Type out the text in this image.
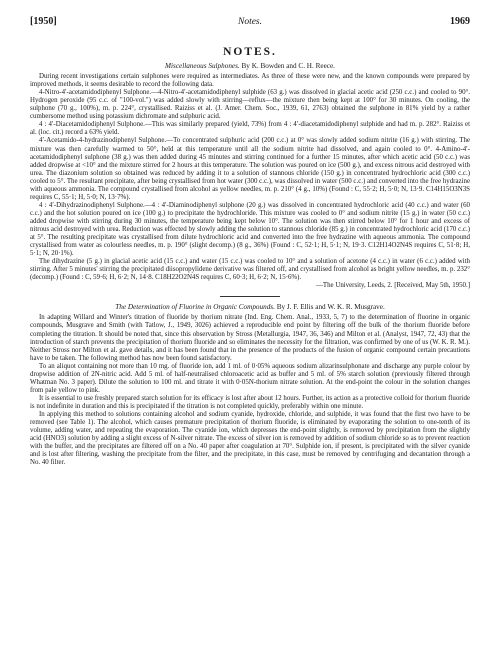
[1950]	Notes.	1969
NOTES.
Miscellaneous Sulphones. By K. Bowden and C. H. Reece.

During recent investigations certain sulphones were required as intermediates. As three of these were new, and the known compounds were prepared by improved methods, it seems desirable to record the following data.

4-Nitro-4′-acetamidodiphenyl Sulphone.—4-Nitro-4′-acetamidodiphenyl sulphide (63 g.) was dissolved in glacial acetic acid (250 c.c.) and cooled to 90°. Hydrogen peroxide (95 c.c. of "100-vol.") was added slowly with stirring—reflux—the mixture then being kept at 100° for 30 minutes. On cooling, the sulphone (70 g., 100%), m. p. 224°, crystallised. Raiziss et al. (J. Amer. Chem. Soc., 1939, 61, 2763) obtained the sulphone in 81% yield by a rather cumbersome method using potassium dichromate and sulphuric acid.

4 : 4′-Diacetamidodiphenyl Sulphone.—This was similarly prepared (yield, 73%) from 4 : 4′-diacetamidodiphenyl sulphide and had m. p. 282°. Raiziss et al. (loc. cit.) record a 63% yield.

4′-Acetamido-4-hydrazinodiphenyl Sulphone.—To concentrated sulphuric acid (200 c.c.) at 0° was slowly added sodium nitrite (16 g.) with stirring. The mixture was then carefully warmed to 50°, held at this temperature until all the sodium nitrite had dissolved, and again cooled to 0°. 4-Amino-4′-acetamidodiphenyl sulphone (38 g.) was then added during 45 minutes and stirring continued for a further 15 minutes, after which acetic acid (50 c.c.) was added dropwise at <10° and the mixture stirred for 2 hours at this temperature. The solution was poured on ice (500 g.), and excess nitrous acid destroyed with urea. The diazonium solution so obtained was reduced by adding it to a solution of stannous chloride (150 g.) in concentrated hydrochloric acid (300 c.c.) cooled to 5°. The resultant precipitate, after being crystallised from hot water (300 c.c.), was dissolved in water (500 c.c.) and converted into the free hydrazine with aqueous ammonia. The compound crystallised from alcohol as yellow needles, m. p. 210° (4 g., 10%) (Found : C, 55·2; H, 5·0; N, 13·9. C14H15O3N3S requires C, 55·1; H, 5·0; N, 13·7%).

4 : 4′-Dihydrazinodiphenyl Sulphone.—4 : 4′-Diaminodiphenyl sulphone (20 g.) was dissolved in concentrated hydrochloric acid (40 c.c.) and water (60 c.c.) and the hot solution poured on ice (100 g.) to precipitate the hydrochloride. This mixture was cooled to 0° and sodium nitrite (15 g.) in water (50 c.c.) added dropwise with stirring during 30 minutes, the temperature being kept below 10°. The solution was then stirred below 10° for 1 hour and excess of nitrous acid destroyed with urea. Reduction was effected by slowly adding the solution to stannous chloride (85 g.) in concentrated hydrochloric acid (170 c.c.) at 5°. The resulting precipitate was crystallised from dilute hydrochloric acid and converted into the free hydrazine with aqueous ammonia. The compound crystallised from water as colourless needles, m. p. 190° (slight decomp.) (8 g., 36%) (Found : C, 52·1; H, 5·1; N, 19·3. C12H14O2N4S requires C, 51·8; H, 5·1; N, 20·1%).

The dihydrazine (5 g.) in glacial acetic acid (15 c.c.) and water (15 c.c.) was cooled to 10° and a solution of acetone (4 c.c.) in water (6 c.c.) added with stirring. After 5 minutes' stirring the precipitated diisopropylidene derivative was filtered off, and crystallised from alcohol as bright yellow needles, m. p. 232° (decomp.) (Found : C, 59·6; H, 6·2; N, 14·8. C18H22O2N4S requires C, 60·3; H, 6·2; N, 15·6%).

—The University, Leeds, 2. [Received, May 5th, 1950.]
The Determination of Fluorine in Organic Compounds. By J. F. Ellis and W. K. R. Musgrave.

In adapting Willard and Winter's titration of fluoride by thorium nitrate (Ind. Eng. Chem. Anal., 1933, 5, 7) to the determination of fluorine in organic compounds, Musgrave and Smith (with Tatlow, J., 1949, 3026) achieved a reproducible end point by filtering off the bulk of the thorium fluoride before completing the titration. It should be noted that, since this observation by Stross (Metallurgia, 1947, 36, 346) and Milton et al. (Analyst, 1947, 72, 43) that the introduction of starch prevents the precipitation of thorium fluoride and so eliminates the necessity for the filtration, was confirmed by one of us (W. K. R. M.). Neither Stross nor Milton et al. gave details, and it has been found that in the presence of the products of the fusion of organic compound certain precautions have to be taken. The following method has now been found satisfactory.

To an aliquot containing not more than 10 mg. of fluoride ion, add 1 ml. of 0·05% aqueous sodium alizarinsulphonate and discharge any purple colour by dropwise addition of 2N-nitric acid. Add 5 ml. of half-neutralised chloroacetic acid as buffer and 5 ml. of 5% starch solution (previously filtered through Whatman No. 3 paper). Dilute the solution to 100 ml. and titrate it with 0·05N-thorium nitrate solution. At the end-point the colour in the solution changes from pale yellow to pink.

It is essential to use freshly prepared starch solution for its efficacy is lost after about 12 hours. Further, its action as a protective colloid for thorium fluoride is not indefinite in duration and this is precipitated if the titration is not completed quickly, preferably within one minute.

In applying this method to solutions containing alcohol and sodium cyanide, hydroxide, chloride, and sulphide, it was found that the first two have to be removed (see Table 1). The alcohol, which causes premature precipitation of thorium fluoride, is eliminated by evaporating the solution to one-tenth of its volume, adding water, and repeating the evaporation. The cyanide ion, which depresses the end-point slightly, is removed by precipitation from the slightly acid (HNO3) solution by adding a slight excess of N-silver nitrate. The excess of silver ion is removed by addition of sodium chloride so as to prevent reaction with the buffer, and the precipitates are filtered off on a No. 40 paper after coagulation at 70°. Sulphide ion, if present, is precipitated with the silver cyanide and is lost after filtering, washing the precipitate from the filter, and the precipitate, in this case, must be removed by centrifuging and decantation through a No. 40 filter.
